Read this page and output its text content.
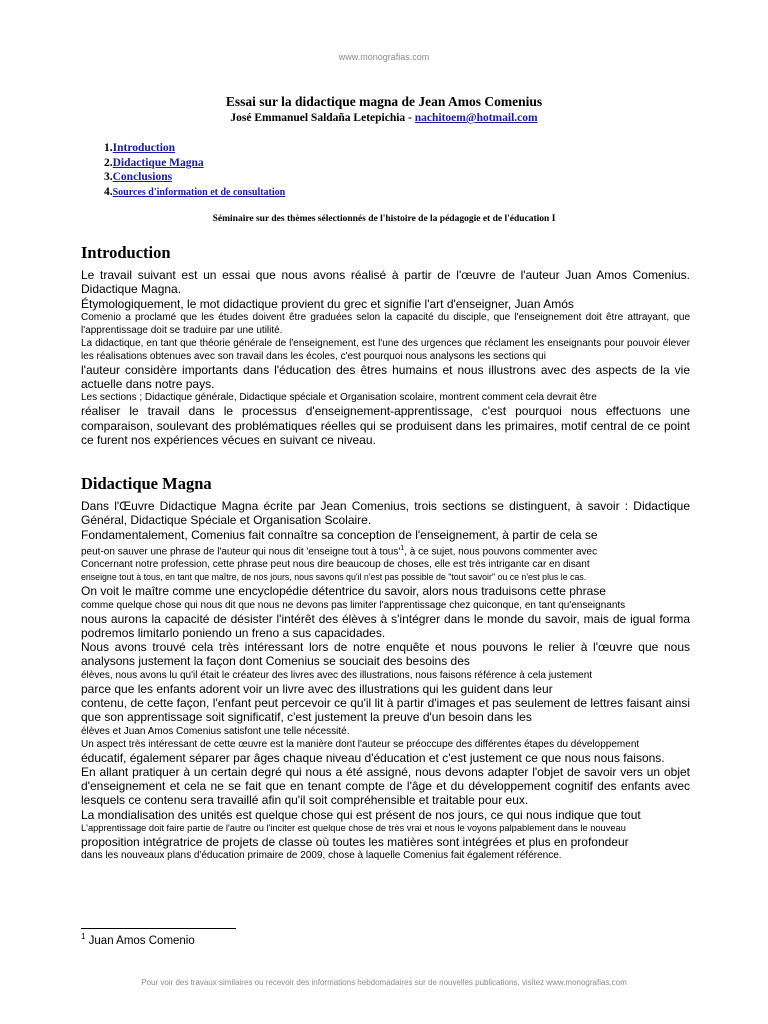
www.monografias.com
Essai sur la didactique magna de Jean Amos Comenius
José Emmanuel Saldaña Letepichia - nachitoem@hotmail.com
1.Introduction
2.Didactique Magna
3.Conclusions
4.Sources d'information et de consultation
Séminaire sur des thèmes sélectionnés de l'histoire de la pédagogie et de l'éducation I
Introduction

Le travail suivant est un essai que nous avons réalisé à partir de l'œuvre de l'auteur Juan Amos Comenius. Didactique Magna.

Étymologiquement, le mot didactique provient du grec et signifie l'art d'enseigner, Juan Amós

Comenio a proclamé que les études doivent être graduées selon la capacité du disciple, que l'enseignement doit être attrayant, que l'apprentissage doit se traduire par une utilité.

La didactique, en tant que théorie générale de l'enseignement, est l'une des urgences que réclament les enseignants pour pouvoir élever les réalisations obtenues avec son travail dans les écoles, c'est pourquoi nous analysons les sections qui

l'auteur considère importants dans l'éducation des êtres humains et nous illustrons avec des aspects de la vie actuelle dans notre pays.

Les sections ; Didactique générale, Didactique spéciale et Organisation scolaire, montrent comment cela devrait être

réaliser le travail dans le processus d'enseignement-apprentissage, c'est pourquoi nous effectuons une comparaison, soulevant des problématiques réelles qui se produisent dans les primaires, motif central de ce point ce furent nos expériences vécues en suivant ce niveau.

Didactique Magna

Dans l'Œuvre Didactique Magna écrite par Jean Comenius, trois sections se distinguent, à savoir : Didactique Général, Didactique Spéciale et Organisation Scolaire.

Fondamentalement, Comenius fait connaître sa conception de l'enseignement, à partir de cela se

peut-on sauver une phrase de l'auteur qui nous dit 'enseigne tout à tous'$^1$, à ce sujet, nous pouvons commenter avec

Concernant notre profession, cette phrase peut nous dire beaucoup de choses, elle est très intrigante car en disant

enseigne tout à tous, en tant que maître, de nos jours, nous savons qu'il n'est pas possible de "tout savoir" ou ce n'est plus le cas.

On voit le maître comme une encyclopédie détentrice du savoir, alors nous traduisons cette phrase

comme quelque chose qui nous dit que nous ne devons pas limiter l'apprentissage chez quiconque, en tant qu'enseignants

nous aurons la capacité de désister l'intérêt des élèves à s'intégrer dans le monde du savoir, mais de igual forma podremos limitarlo poniendo un freno a sus capacidades.

Nous avons trouvé cela très intéressant lors de notre enquête et nous pouvons le relier à l'œuvre que nous analysons justement la façon dont Comenius se souciait des besoins des

élèves, nous avons lu qu'il était le créateur des livres avec des illustrations, nous faisons référence à cela justement

parce que les enfants adorent voir un livre avec des illustrations qui les guident dans leur

contenu, de cette façon, l'enfant peut percevoir ce qu'il lit à partir d'images et pas seulement de lettres faisant ainsi que son apprentissage soit significatif, c'est justement la preuve d'un besoin dans les

élèves et Juan Amos Comenius satisfont une telle nécessité.

Un aspect très intéressant de cette œuvre est la manière dont l'auteur se préoccupe des différentes étapes du développement

éducatif, également séparer par âges chaque niveau d'éducation et c'est justement ce que nous nous faisons.

En allant pratiquer à un certain degré qui nous a été assigné, nous devons adapter l'objet de savoir vers un objet d'enseignement et cela ne se fait que en tenant compte de l'âge et du développement cognitif des enfants avec lesquels ce contenu sera travaillé afin qu'il soit compréhensible et traitable pour eux.

La mondialisation des unités est quelque chose qui est présent de nos jours, ce qui nous indique que tout

L'apprentissage doit faire partie de l'autre ou l'inciter est quelque chose de très vrai et nous le voyons palpablement dans le nouveau

proposition intégratrice de projets de classe où toutes les matières sont intégrées et plus en profondeur

dans les nouveaux plans d'éducation primaire de 2009, chose à laquelle Comenius fait également référence.

$^1$ Juan Amos Comenio
Pour voir des travaux similaires ou recevoir des informations hebdomadaires sur de nouvelles publications, visitez www.monografias.com
